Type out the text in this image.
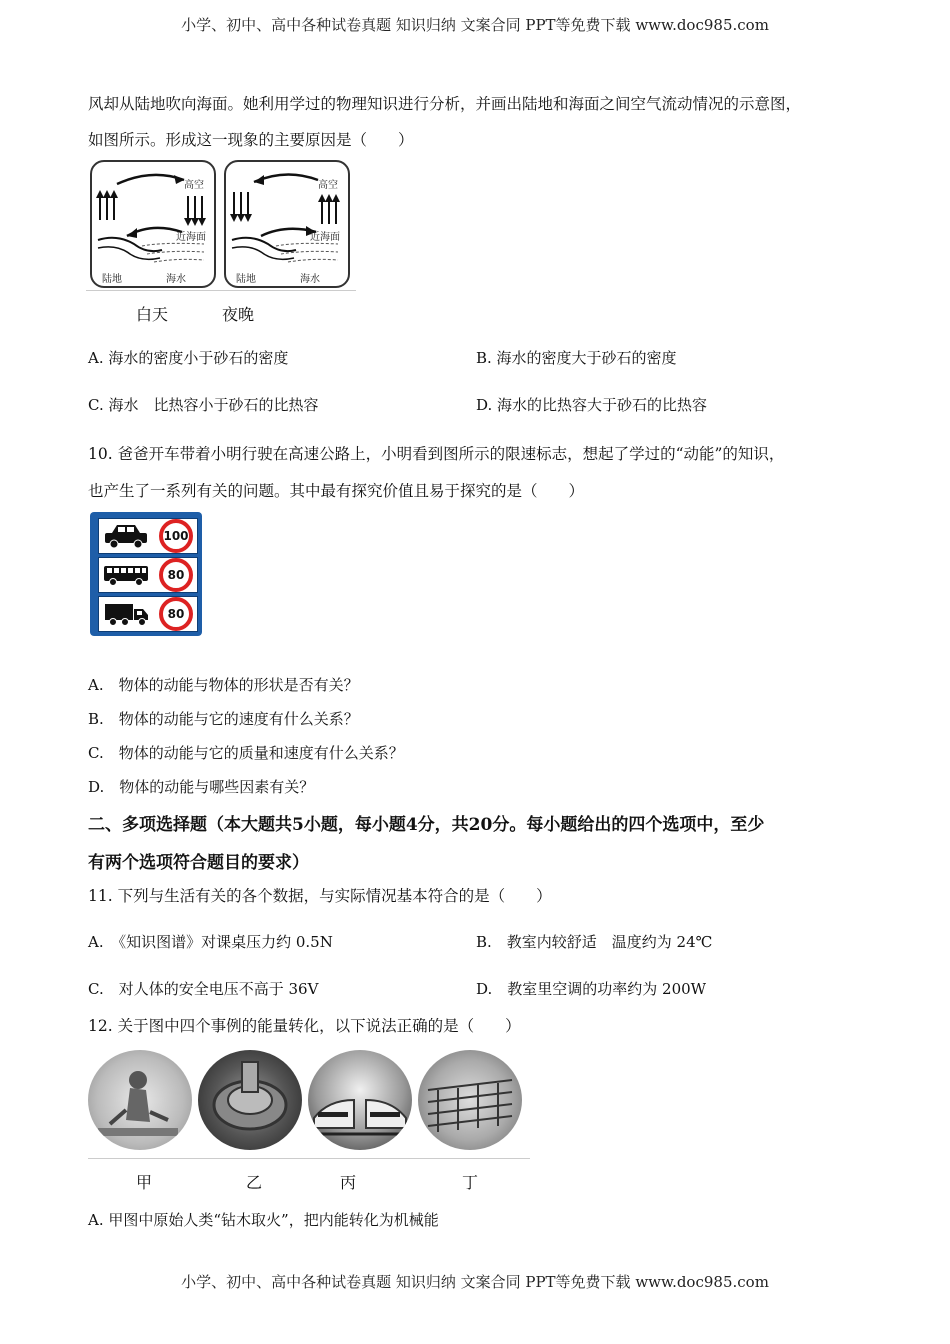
小学、初中、高中各种试卷真题 知识归纳 文案合同 PPT等免费下载 www.doc985.com
风却从陆地吹向海面。她利用学过的物理知识进行分析，并画出陆地和海面之间空气流动情况的示意图，
如图所示。形成这一现象的主要原因是（　　）
高空
近海面
陆地	海水
高空
近海面
陆地	海水
白天	夜晚
A. 海水的密度小于砂石的密度	B. 海水的密度大于砂石的密度
C. 海水　比热容小于砂石的比热容	D. 海水的比热容大于砂石的比热容
10. 爸爸开车带着小明行驶在高速公路上，小明看到图所示的限速标志，想起了学过的“动能”的知识，
也产生了一系列有关的问题。其中最有探究价值且易于探究的是（　　）
100
80
80
A.　物体的动能与物体的形状是否有关？
B.　物体的动能与它的速度有什么关系？
C.　物体的动能与它的质量和速度有什么关系？
D.　物体的动能与哪些因素有关？
二、多项选择题（本大题共5小题，每小题4分，共20分。每小题给出的四个选项中，至少
有两个选项符合题目的要求）
11. 下列与生活有关的各个数据，与实际情况基本符合的是（　　）
A.　《知识图谱》对课桌压力约 0.5N	B.　教室内较舒适　温度约为 24℃
C.　对人体的安全电压不高于 36V	D.　教室里空调的功率约为 200W
12. 关于图中四个事例的能量转化，以下说法正确的是（　　）
甲	乙	丙	丁
A. 甲图中原始人类“钻木取火”，把内能转化为机械能
小学、初中、高中各种试卷真题 知识归纳 文案合同 PPT等免费下载 www.doc985.com
